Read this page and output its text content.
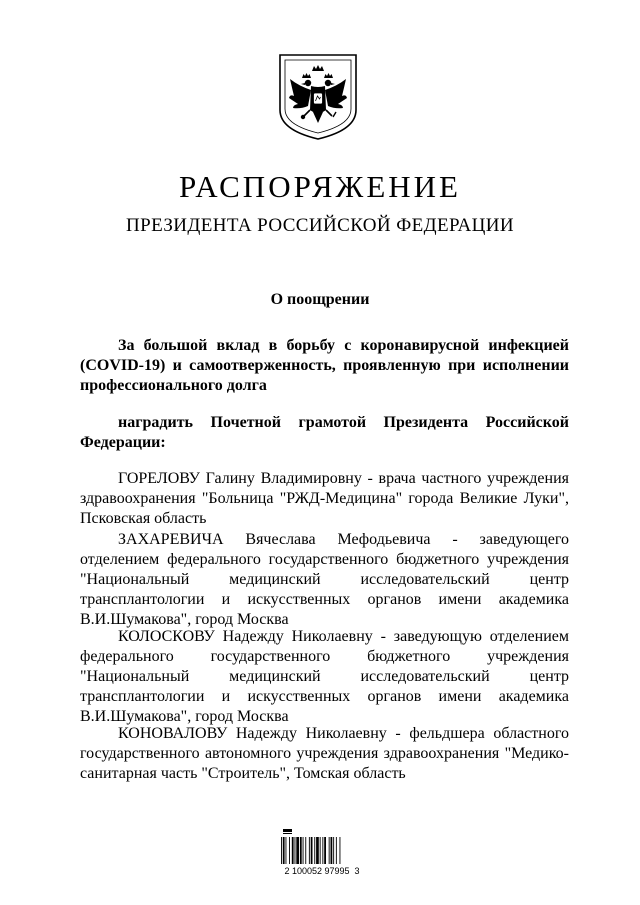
РАСПОРЯЖЕНИЕ
ПРЕЗИДЕНТА РОССИЙСКОЙ ФЕДЕРАЦИИ

О поощрении

За большой вклад в борьбу с коронавирусной инфекцией (COVID-19) и самоотверженность, проявленную при исполнении профессионального долга

наградить Почетной грамотой Президента Российской Федерации:

ГОРЕЛОВУ Галину Владимировну - врача частного учреждения здравоохранения "Больница "РЖД-Медицина" города Великие Луки", Псковская область

ЗАХАРЕВИЧА Вячеслава Мефодьевича - заведующего отделением федерального государственного бюджетного учреждения "Национальный медицинский исследовательский центр трансплантологии и искусственных органов имени академика В.И.Шумакова", город Москва

КОЛОСКОВУ Надежду Николаевну - заведующую отделением федерального государственного бюджетного учреждения "Национальный медицинский исследовательский центр трансплантологии и искусственных органов имени академика В.И.Шумакова", город Москва

КОНОВАЛОВУ Надежду Николаевну - фельдшера областного государственного автономного учреждения здравоохранения "Медико-санитарная часть "Строитель", Томская область

2 100052 97995  3
